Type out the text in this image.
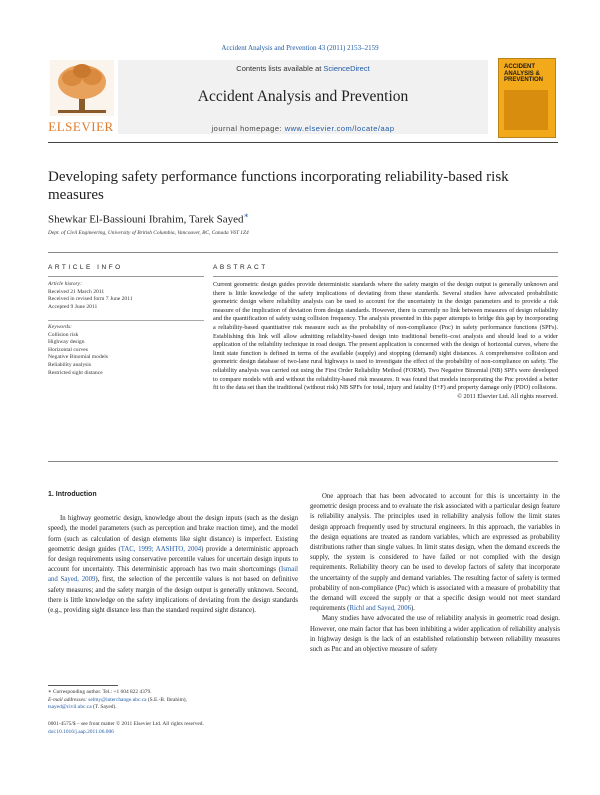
Accident Analysis and Prevention 43 (2011) 2153–2159
Contents lists available at ScienceDirect
Accident Analysis and Prevention
journal homepage: www.elsevier.com/locate/aap
ELSEVIER
ACCIDENT ANALYSIS & PREVENTION
Developing safety performance functions incorporating reliability-based risk measures
Shewkar El-Bassiouni Ibrahim, Tarek Sayed∗
Dept. of Civil Engineering, University of British Columbia, Vancouver, BC, Canada V6T 1Z4
ARTICLE INFO	ABSTRACT
Article history:
Received 21 March 2011
Received in revised form 7 June 2011
Accepted 9 June 2011
Keywords:
Collision risk
Highway design
Horizontal curves
Negative Binomial models
Reliability analysis
Restricted sight distance
Current geometric design guides provide deterministic standards where the safety margin of the design output is generally unknown and there is little knowledge of the safety implications of deviating from these standards. Several studies have advocated probabilistic geometric design where reliability analysis can be used to account for the uncertainty in the design parameters and to provide a risk measure of the implication of deviation from design standards. However, there is currently no link between measures of design reliability and the quantification of safety using collision frequency. The analysis presented in this paper attempts to bridge this gap by incorporating a reliability-based quantitative risk measure such as the probability of non-compliance (Pnc) in safety performance functions (SPFs). Establishing this link will allow admitting reliability-based design into traditional benefit–cost analysis and should lead to a wider application of the reliability technique in road design. The present application is concerned with the design of horizontal curves, where the limit state function is defined in terms of the available (supply) and stopping (demand) sight distances. A comprehensive collision and geometric design database of two-lane rural highways is used to investigate the effect of the probability of non-compliance on safety. The reliability analysis was carried out using the First Order Reliability Method (FORM). Two Negative Binomial (NB) SPFs were developed to compare models with and without the reliability-based risk measures. It was found that models incorporating the Pnc provided a better fit to the data set than the traditional (without risk) NB SPFs for total, injury and fatality (I+F) and property damage only (PDO) collisions.
© 2011 Elsevier Ltd. All rights reserved.
1. Introduction

In highway geometric design, knowledge about the design inputs (such as the design speed), the model parameters (such as perception and brake reaction time), and the model form (such as calculation of design elements like sight distance) is imperfect. Existing geometric design guides (TAC, 1999; AASHTO, 2004) provide a deterministic approach for design requirements using conservative percentile values for uncertain design inputs to account for uncertainty. This deterministic approach has two main shortcomings (Ismail and Sayed, 2009), first, the selection of the percentile values is not based on definitive safety measures; and the safety margin of the design output is generally unknown. Second, there is little knowledge on the safety implications of deviating from the design standards (e.g., providing sight distance less than the standard required sight distance).

One approach that has been advocated to account for this is uncertainty in the geometric design process and to evaluate the risk associated with a particular design feature is reliability analysis. The principles used in reliability analysis follow the limit states design approach frequently used by structural engineers. In this approach, the variables in the design equations are treated as random variables, which are expressed as probability distributions rather than single values. In limit states design, when the demand exceeds the supply, the system is considered to have failed or not complied with the design requirements. Reliability theory can be used to develop factors of safety that incorporate the uncertainty of the supply and demand variables. The resulting factor of safety is termed probability of non-compliance (Pnc) which is associated with a measure of probability that the demand will exceed the supply or that a specific design would not meet standard requirements (Richl and Sayed, 2006).

Many studies have advocated the use of reliability analysis in geometric road design. However, one main factor that has been inhibiting a wider application of reliability analysis in highway design is the lack of an established relationship between reliability measures such as Pnc and an objective measure of safety

∗ Corresponding author. Tel.: +1 604 822 4379.
E-mail addresses: selmy@interchange.ubc.ca (S.E.-B. Ibrahim),
tsayed@civil.ubc.ca (T. Sayed).
0001-4575/$ – see front matter © 2011 Elsevier Ltd. All rights reserved.
doi:10.1016/j.aap.2011.06.006
